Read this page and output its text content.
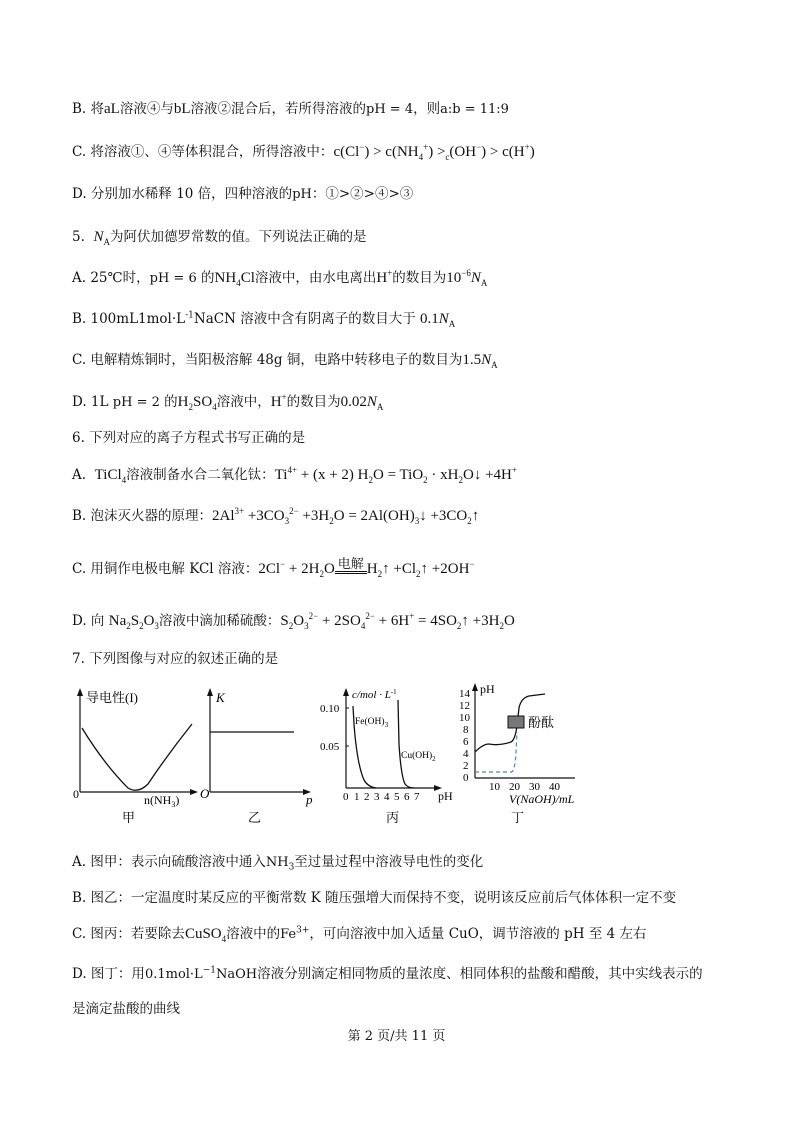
B. 将aL溶液④与bL溶液②混合后，若所得溶液的pH = 4，则a:b = 11:9
C. 将溶液①、④等体积混合，所得溶液中：$c(Cl^-) > c(NH_4^+) >_c(OH^-) > c(H^+)$
D. 分别加水稀释 10 倍，四种溶液的pH：①>②>④>③
5. $N_A$为阿伏加德罗常数的值。下列说法正确的是
A. 25℃时，pH = 6 的$NH_4Cl$溶液中，由水电离出H+的数目为$10^{-6}N_A$
B. $100mL1mol\cdot L^{-1}NaCN$ 溶液中含有阴离子的数目大于 $0.1N_A$
C. 电解精炼铜时，当阳极溶解 48g 铜，电路中转移电子的数目为$1.5N_A$
D. 1L pH = 2 的$H_2SO_4$溶液中，H+的数目为$0.02N_A$
6. 下列对应的离子方程式书写正确的是
A. TiCl$_4$溶液制备水合二氧化钛：$Ti^{4+} + (x + 2) H_2O = TiO_2$ · $xH_2O↓ +4H^+$
B. 泡沫灭火器的原理：$2Al^{3+} +3CO_3^{2-} +3H_2O$ = $2Al(OH)_3↓$ $+3CO_2↑$
C. 用铜作电极电解 KCl 溶液：$2Cl^- + 2H_2O$ 电解 $H_2↑$ $+Cl_2↑ +2OH^-$
D. 向 $Na_2S_2O_3$溶液中滴加稀硫酸：$S_2O_3^{2-} + 2SO_4^{2-} + 6H^+$ = $4SO_2↑ +3H_2O$
7. 下列图像与对应的叙述正确的是
导电性(I)
0	$n(NH_3)$
甲
K
O	p
乙
0.10
0.05
$c/mol \cdot L^{-1}$
$Fe(OH)_3$
$Cu(OH)_2$
0 1 2 3 4 5 6 7 pH
丙
14
12
10
8
6
4
2
0
pH
酚酞
10 20 30 40
V(NaOH)/mL
丁
A. 图甲：表示向硫酸溶液中通入$NH_3$至过量过程中溶液导电性的变化
B. 图乙：一定温度时某反应的平衡常数 K 随压强增大而保持不变，说明该反应前后气体体积一定不变
C. 图丙：若要除去CuSO$_4$溶液中的$Fe^{3+}$，可向溶液中加入适量 CuO，调节溶液的 pH 至 4 左右
D. 图丁：用$0.1mol\cdot L^{-1}NaOH$溶液分别滴定相同物质的量浓度、相同体积的盐酸和醋酸，其中实线表示的
是滴定盐酸的曲线
第 2 页/共 11 页
